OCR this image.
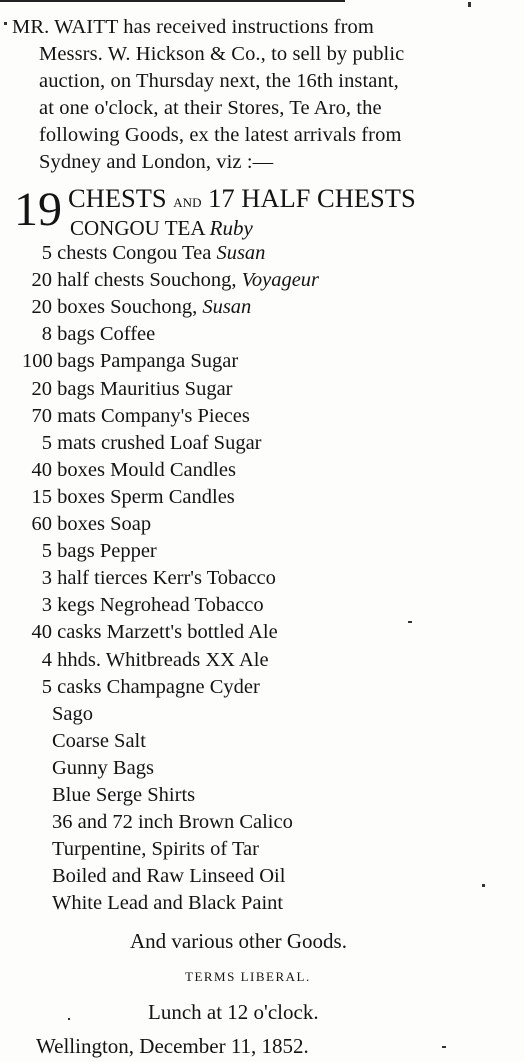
MR. WAITT has received instructions from
Messrs. W. Hickson & Co., to sell by public
auction, on Thursday next, the 16th instant,
at one o'clock, at their Stores, Te Aro, the
following Goods, ex the latest arrivals from
Sydney and London, viz :—
19 CHESTS and 17 HALF CHESTS
CONGOU TEA Ruby
5 chests Congou Tea Susan
20 half chests Souchong, Voyageur
20 boxes Souchong, Susan
8 bags Coffee
100 bags Pampanga Sugar
20 bags Mauritius Sugar
70 mats Company's Pieces
5 mats crushed Loaf Sugar
40 boxes Mould Candles
15 boxes Sperm Candles
60 boxes Soap
5 bags Pepper
3 half tierces Kerr's Tobacco
3 kegs Negrohead Tobacco
40 casks Marzett's bottled Ale
4 hhds. Whitbreads XX Ale
5 casks Champagne Cyder
Sago
Coarse Salt
Gunny Bags
Blue Serge Shirts
36 and 72 inch Brown Calico
Turpentine, Spirits of Tar
Boiled and Raw Linseed Oil
White Lead and Black Paint
And various other Goods.
TERMS LIBERAL.
Lunch at 12 o'clock.
Wellington, December 11, 1852.
